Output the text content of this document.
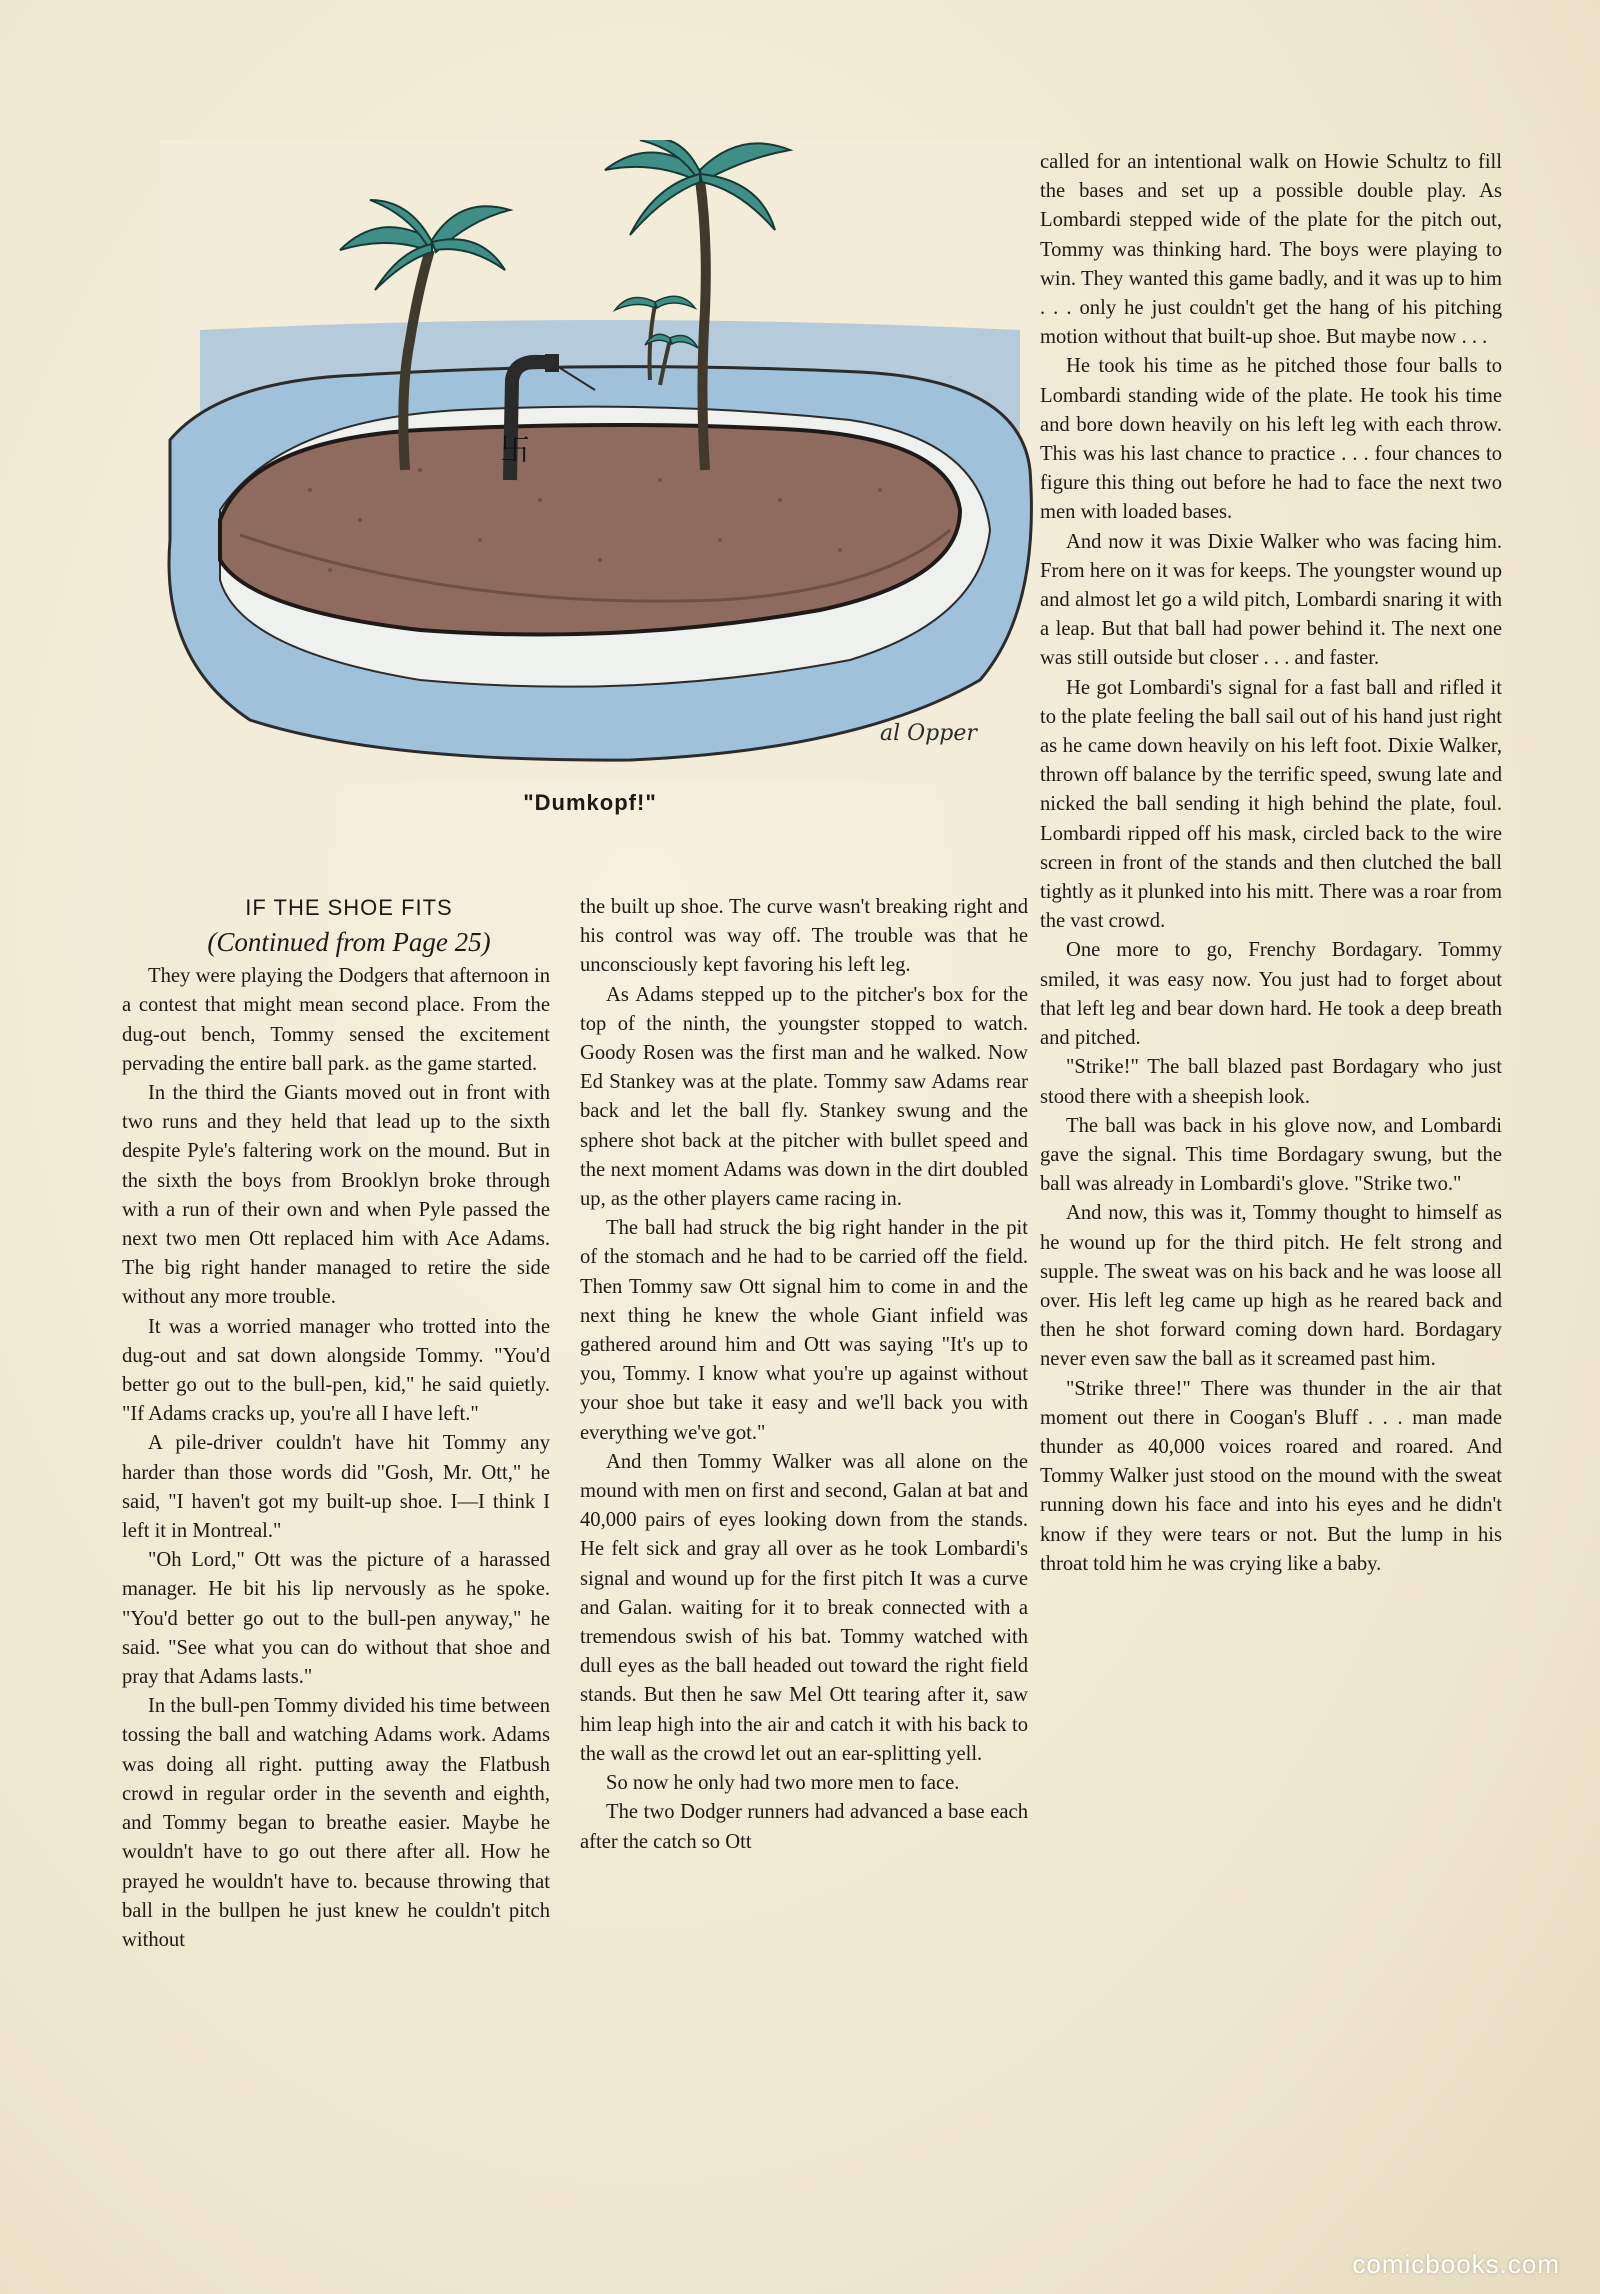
卐
al Opper
"Dumkopf!"

IF THE SHOE FITS

(Continued from Page 25)

They were playing the Dodgers that afternoon in a contest that might mean second place. From the dug-out bench, Tommy sensed the excitement pervading the entire ball park. as the game started.

In the third the Giants moved out in front with two runs and they held that lead up to the sixth despite Pyle's faltering work on the mound. But in the sixth the boys from Brooklyn broke through with a run of their own and when Pyle passed the next two men Ott replaced him with Ace Adams. The big right hander managed to retire the side without any more trouble.

It was a worried manager who trotted into the dug-out and sat down alongside Tommy. "You'd better go out to the bull-pen, kid," he said quietly. "If Adams cracks up, you're all I have left."

A pile-driver couldn't have hit Tommy any harder than those words did "Gosh, Mr. Ott," he said, "I haven't got my built-up shoe. I—I think I left it in Montreal."

"Oh Lord," Ott was the picture of a harassed manager. He bit his lip nervously as he spoke. "You'd better go out to the bull-pen anyway," he said. "See what you can do without that shoe and pray that Adams lasts."

In the bull-pen Tommy divided his time between tossing the ball and watching Adams work. Adams was doing all right. putting away the Flatbush crowd in regular order in the seventh and eighth, and Tommy began to breathe easier. Maybe he wouldn't have to go out there after all. How he prayed he wouldn't have to. because throwing that ball in the bullpen he just knew he couldn't pitch without

the built up shoe. The curve wasn't breaking right and his control was way off. The trouble was that he unconsciously kept favoring his left leg.

As Adams stepped up to the pitcher's box for the top of the ninth, the youngster stopped to watch. Goody Rosen was the first man and he walked. Now Ed Stankey was at the plate. Tommy saw Adams rear back and let the ball fly. Stankey swung and the sphere shot back at the pitcher with bullet speed and the next moment Adams was down in the dirt doubled up, as the other players came racing in.

The ball had struck the big right hander in the pit of the stomach and he had to be carried off the field. Then Tommy saw Ott signal him to come in and the next thing he knew the whole Giant infield was gathered around him and Ott was saying "It's up to you, Tommy. I know what you're up against without your shoe but take it easy and we'll back you with everything we've got."

And then Tommy Walker was all alone on the mound with men on first and second, Galan at bat and 40,000 pairs of eyes looking down from the stands. He felt sick and gray all over as he took Lombardi's signal and wound up for the first pitch It was a curve and Galan. waiting for it to break connected with a tremendous swish of his bat. Tommy watched with dull eyes as the ball headed out toward the right field stands. But then he saw Mel Ott tearing after it, saw him leap high into the air and catch it with his back to the wall as the crowd let out an ear-splitting yell.

So now he only had two more men to face.

The two Dodger runners had advanced a base each after the catch so Ott

called for an intentional walk on Howie Schultz to fill the bases and set up a possible double play. As Lombardi stepped wide of the plate for the pitch out, Tommy was thinking hard. The boys were playing to win. They wanted this game badly, and it was up to him . . . only he just couldn't get the hang of his pitching motion without that built-up shoe. But maybe now . . .

He took his time as he pitched those four balls to Lombardi standing wide of the plate. He took his time and bore down heavily on his left leg with each throw. This was his last chance to practice . . . four chances to figure this thing out before he had to face the next two men with loaded bases.

And now it was Dixie Walker who was facing him. From here on it was for keeps. The youngster wound up and almost let go a wild pitch, Lombardi snaring it with a leap. But that ball had power behind it. The next one was still outside but closer . . . and faster.

He got Lombardi's signal for a fast ball and rifled it to the plate feeling the ball sail out of his hand just right as he came down heavily on his left foot. Dixie Walker, thrown off balance by the terrific speed, swung late and nicked the ball sending it high behind the plate, foul. Lombardi ripped off his mask, circled back to the wire screen in front of the stands and then clutched the ball tightly as it plunked into his mitt. There was a roar from the vast crowd.

One more to go, Frenchy Bordagary. Tommy smiled, it was easy now. You just had to forget about that left leg and bear down hard. He took a deep breath and pitched.

"Strike!" The ball blazed past Bordagary who just stood there with a sheepish look.

The ball was back in his glove now, and Lombardi gave the signal. This time Bordagary swung, but the ball was already in Lombardi's glove. "Strike two."

And now, this was it, Tommy thought to himself as he wound up for the third pitch. He felt strong and supple. The sweat was on his back and he was loose all over. His left leg came up high as he reared back and then he shot forward coming down hard. Bordagary never even saw the ball as it screamed past him.

"Strike three!" There was thunder in the air that moment out there in Coogan's Bluff . . . man made thunder as 40,000 voices roared and roared. And Tommy Walker just stood on the mound with the sweat running down his face and into his eyes and he didn't know if they were tears or not. But the lump in his throat told him he was crying like a baby.

comicbooks.com
